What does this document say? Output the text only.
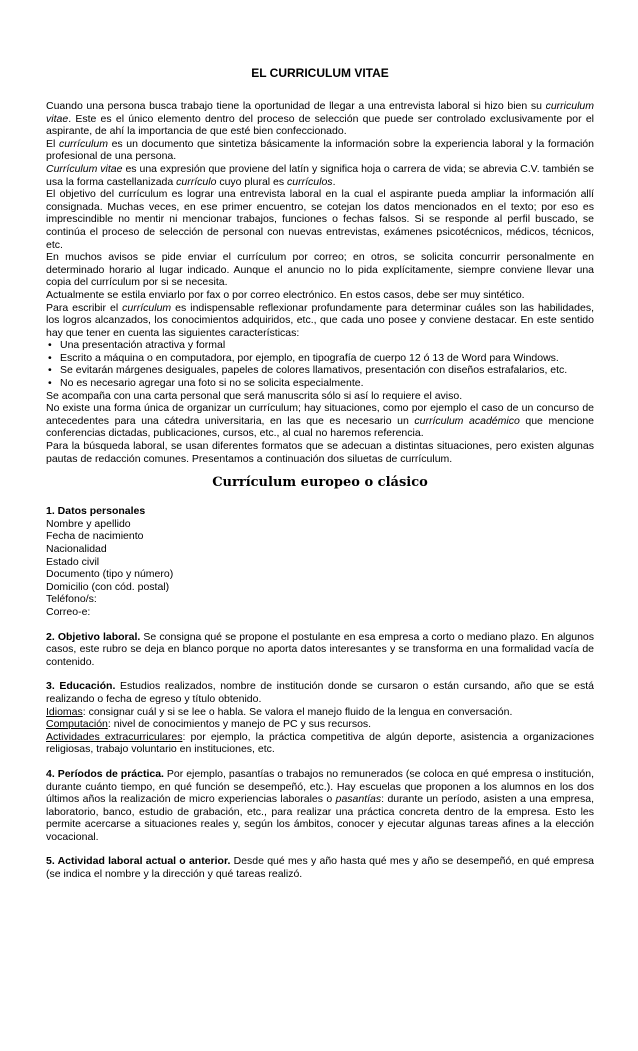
EL CURRICULUM VITAE

Cuando una persona busca trabajo tiene la oportunidad de llegar a una entrevista laboral si hizo bien su curriculum vitae. Este es el único elemento dentro del proceso de selección que puede ser controlado exclusivamente por el aspirante, de ahí la importancia de que esté bien confeccionado.

El currículum es un documento que sintetiza básicamente la información sobre la experiencia laboral y la formación profesional de una persona.

Currículum vitae es una expresión que proviene del latín y significa hoja o carrera de vida; se abrevia C.V. también se usa la forma castellanizada currículo cuyo plural es currículos.

El objetivo del currículum es lograr una entrevista laboral en la cual el aspirante pueda ampliar la información allí consignada. Muchas veces, en ese primer encuentro, se cotejan los datos mencionados en el texto; por eso es imprescindible no mentir ni mencionar trabajos, funciones o fechas falsos. Si se responde al perfil buscado, se continúa el proceso de selección de personal con nuevas entrevistas, exámenes psicotécnicos, médicos, técnicos, etc.

En muchos avisos se pide enviar el currículum por correo; en otros, se solicita concurrir personalmente en determinado horario al lugar indicado. Aunque el anuncio no lo pida explícitamente, siempre conviene llevar una copia del currículum por si se necesita.

Actualmente se estila enviarlo por fax o por correo electrónico. En estos casos, debe ser muy sintético.

Para escribir el currículum es indispensable reflexionar profundamente para determinar cuáles son las habilidades, los logros alcanzados, los conocimientos adquiridos, etc., que cada uno posee y conviene destacar. En este sentido hay que tener en cuenta las siguientes características:

• Una presentación atractiva y formal
• Escrito a máquina o en computadora, por ejemplo, en tipografía de cuerpo 12 ó 13 de Word para Windows.
• Se evitarán márgenes desiguales, papeles de colores llamativos, presentación con diseños estrafalarios, etc.
• No es necesario agregar una foto si no se solicita especialmente.

Se acompaña con una carta personal que será manuscrita sólo si así lo requiere el aviso.

No existe una forma única de organizar un currículum; hay situaciones, como por ejemplo el caso de un concurso de antecedentes para una cátedra universitaria, en las que es necesario un currículum académico que mencione conferencias dictadas, publicaciones, cursos, etc., al cual no haremos referencia.

Para la búsqueda laboral, se usan diferentes formatos que se adecuan a distintas situaciones, pero existen algunas pautas de redacción comunes. Presentamos a continuación dos siluetas de currículum.

Currículum europeo o clásico
1. Datos personales
Nombre y apellido
Fecha de nacimiento
Nacionalidad
Estado civil
Documento (tipo y número)
Domicilio (con cód. postal)
Teléfono/s:
Correo-e:

2. Objetivo laboral. Se consigna qué se propone el postulante en esa empresa a corto o mediano plazo. En algunos casos, este rubro se deja en blanco porque no aporta datos interesantes y se transforma en una formalidad vacía de contenido.

3. Educación. Estudios realizados, nombre de institución donde se cursaron o están cursando, año que se está realizando o fecha de egreso y título obtenido.

Idiomas: consignar cuál y si se lee o habla. Se valora el manejo fluido de la lengua en conversación.

Computación: nivel de conocimientos y manejo de PC y sus recursos.

Actividades extracurriculares: por ejemplo, la práctica competitiva de algún deporte, asistencia a organizaciones religiosas, trabajo voluntario en instituciones, etc.

4. Períodos de práctica. Por ejemplo, pasantías o trabajos no remunerados (se coloca en qué empresa o institución, durante cuánto tiempo, en qué función se desempeñó, etc.). Hay escuelas que proponen a los alumnos en los dos últimos años la realización de micro experiencias laborales o pasantías: durante un período, asisten a una empresa, laboratorio, banco, estudio de grabación, etc., para realizar una práctica concreta dentro de la empresa. Esto les permite acercarse a situaciones reales y, según los ámbitos, conocer y ejecutar algunas tareas afines a la elección vocacional.

5. Actividad laboral actual o anterior. Desde qué mes y año hasta qué mes y año se desempeñó, en qué empresa (se indica el nombre y la dirección y qué tareas realizó.
